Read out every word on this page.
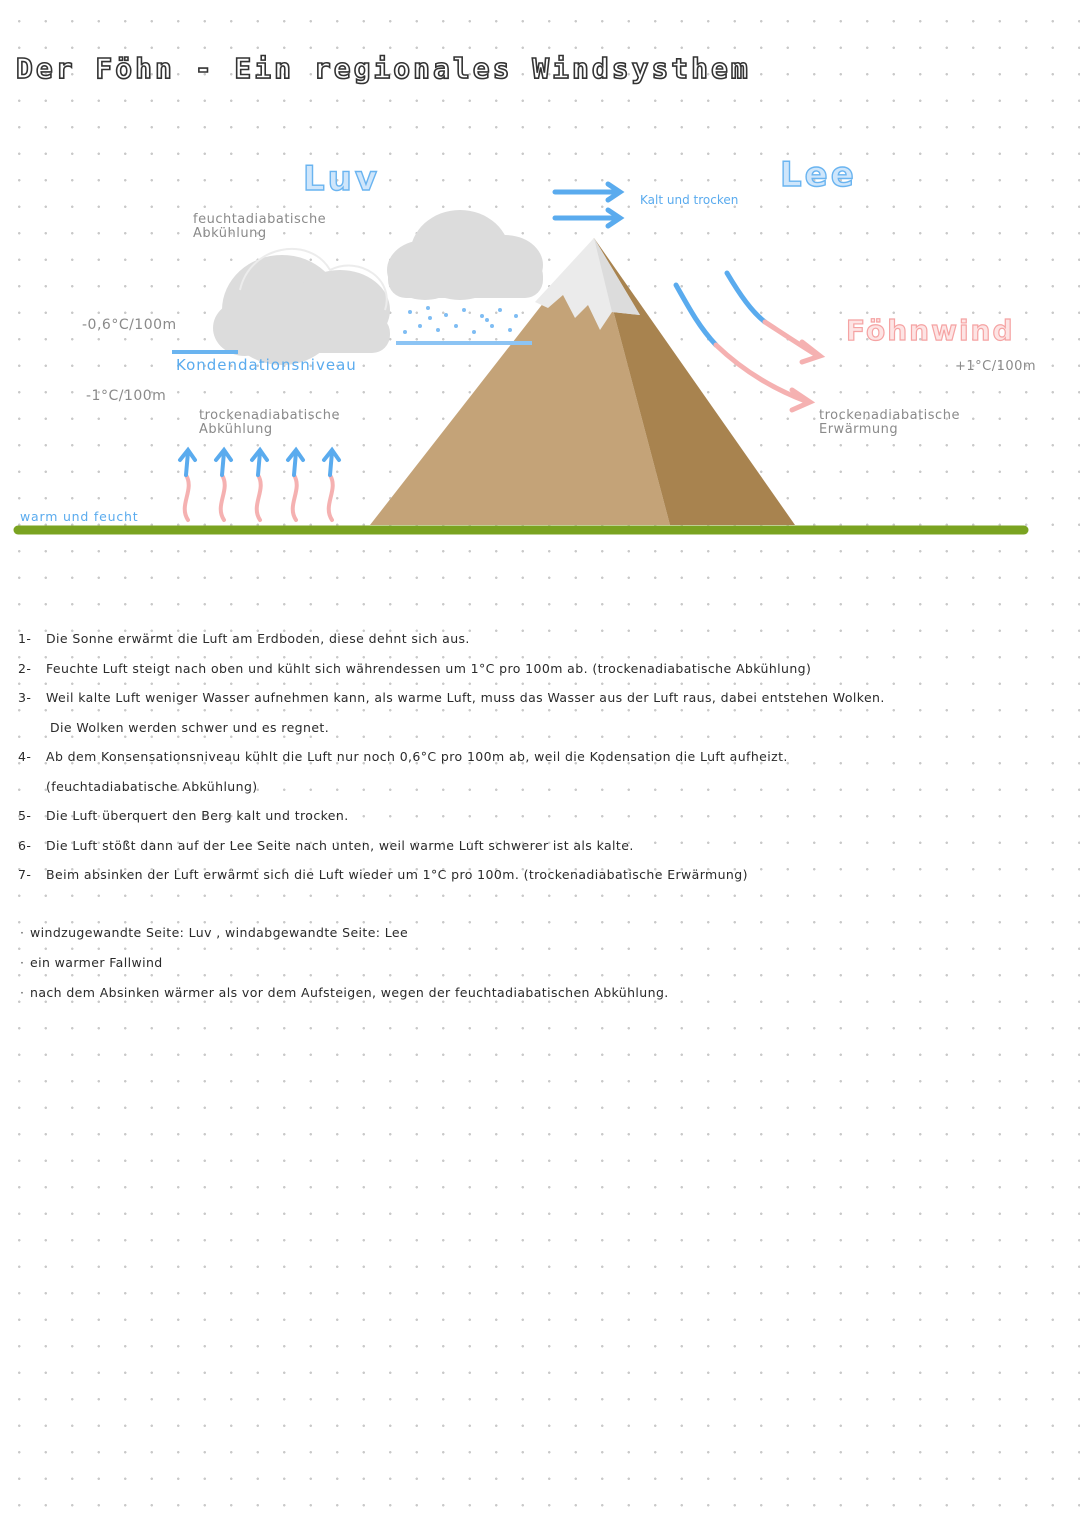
Der Föhn - Ein regionales Windsysthem
Luv	Lee
Kalt und trocken
feuchtadiabatische
Abkühlung
-0,6°C/100m
Kondendationsniveau
-1°C/100m
trockenadiabatische
Abkühlung
warm und feucht
Föhnwind
+1°C/100m
trockenadiabatische
Erwärmung
1-	Die Sonne erwärmt die Luft am Erdboden, diese dehnt sich aus.
2-	Feuchte Luft steigt nach oben und kühlt sich währendessen um 1°C pro 100m ab. (trockenadiabatische Abkühlung)
3-	Weil kalte Luft weniger Wasser aufnehmen kann, als warme Luft, muss das Wasser aus der Luft raus, dabei entstehen Wolken.
Die Wolken werden schwer und es regnet.
4-	Ab dem Konsensationsniveau kühlt die Luft nur noch 0,6°C pro 100m ab, weil die Kodensation die Luft aufheizt.
(feuchtadiabatische Abkühlung)
5-	Die Luft überquert den Berg kalt und trocken.
6-	Die Luft stößt dann auf der Lee Seite nach unten, weil warme Luft schwerer ist als kalte.
7-	Beim absinken der Luft erwärmt sich die Luft wieder um 1°C pro 100m. (trockenadiabatische Erwärmung)
· windzugewandte Seite: Luv , windabgewandte Seite: Lee
· ein warmer Fallwind
· nach dem Absinken wärmer als vor dem Aufsteigen, wegen der feuchtadiabatischen Abkühlung.
